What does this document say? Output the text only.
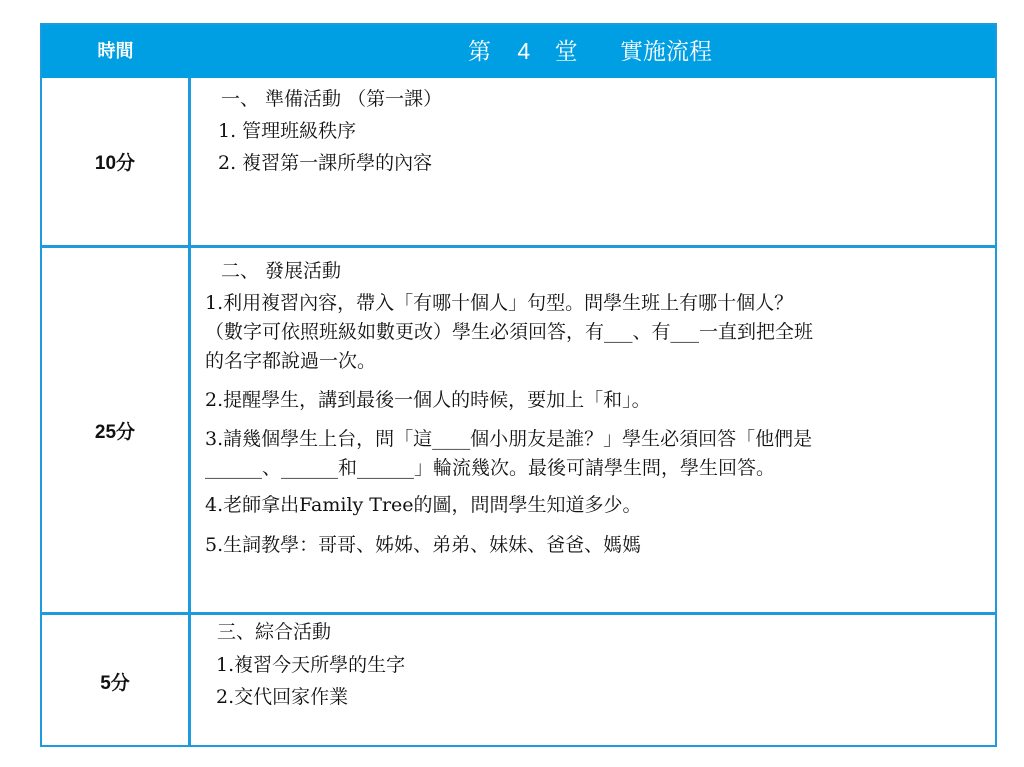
時間	第 4 堂 實施流程
10分
一、 準備活動 （第一課）
1. 管理班級秩序
2. 複習第一課所學的內容
25分
二、 發展活動
1.利用複習內容，帶入「有哪十個人」句型。問學生班上有哪十個人？
（數字可依照班級如數更改）學生必須回答，有___、有___一直到把全班
的名字都說過一次。
2.提醒學生，講到最後一個人的時候，要加上「和」。
3.請幾個學生上台，問「這____個小朋友是誰？」學生必須回答「他們是
______、______和______」輪流幾次。最後可請學生問，學生回答。
4.老師拿出Family Tree的圖，問問學生知道多少。
5.生詞教學：哥哥、姊姊、弟弟、妹妹、爸爸、媽媽
5分
三、綜合活動
1.複習今天所學的生字
2.交代回家作業
